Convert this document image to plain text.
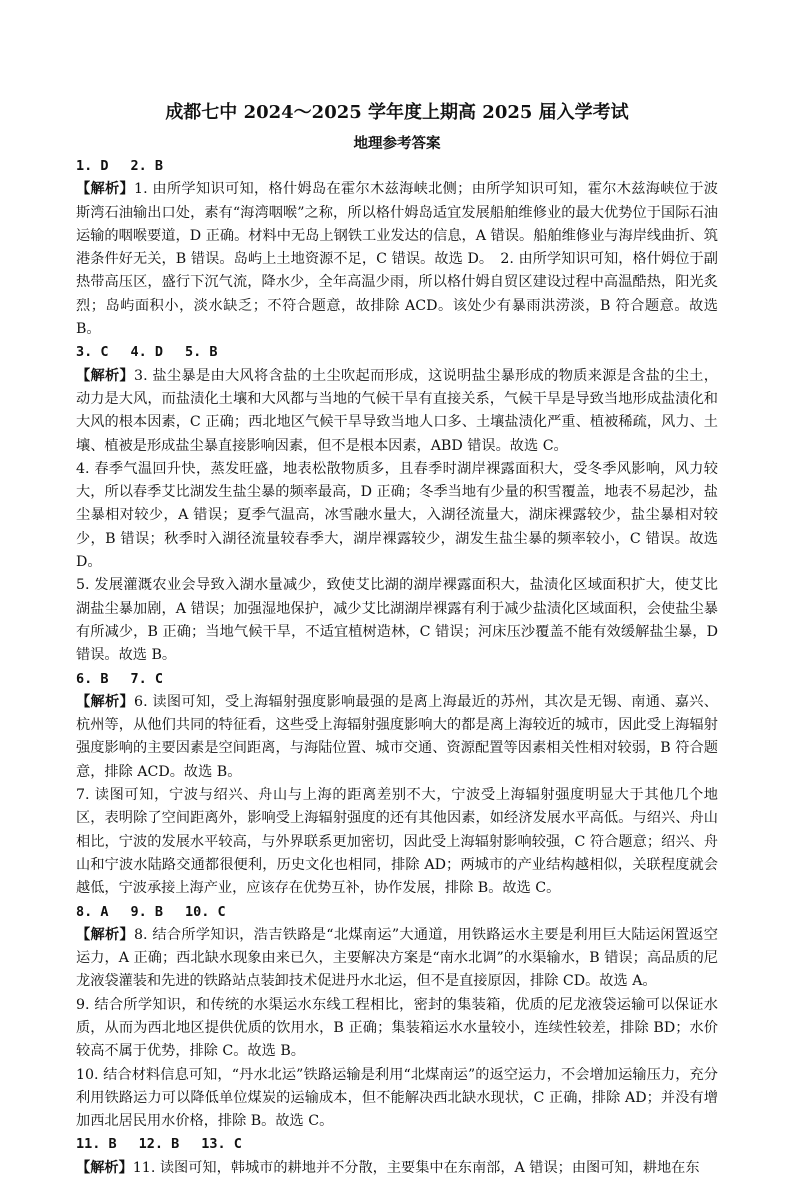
成都七中 2024～2025 学年度上期高 2025 届入学考试
地理参考答案
1. D 2. B

【解析】1. 由所学知识可知，格什姆岛在霍尔木兹海峡北侧；由所学知识可知，霍尔木兹海峡位于波斯湾石油输出口处，素有“海湾咽喉”之称，所以格什姆岛适宜发展船舶维修业的最大优势位于国际石油运输的咽喉要道，D 正确。材料中无岛上钢铁工业发达的信息，A 错误。船舶维修业与海岸线曲折、筑港条件好无关，B 错误。岛屿上土地资源不足，C 错误。故选 D。　2. 由所学知识可知，格什姆位于副热带高压区，盛行下沉气流，降水少，全年高温少雨，所以格什姆自贸区建设过程中高温酷热，阳光炙烈；岛屿面积小，淡水缺乏；不符合题意，故排除 ACD。该处少有暴雨洪涝淡，B 符合题意。故选 B。

3. C 4. D 5. B

【解析】3. 盐尘暴是由大风将含盐的土尘吹起而形成，这说明盐尘暴形成的物质来源是含盐的尘土，动力是大风，而盐渍化土壤和大风都与当地的气候干旱有直接关系，气候干旱是导致当地形成盐渍化和大风的根本因素，C 正确；西北地区气候干旱导致当地人口多、土壤盐渍化严重、植被稀疏，风力、土壤、植被是形成盐尘暴直接影响因素，但不是根本因素，ABD 错误。故选 C。

4. 春季气温回升快，蒸发旺盛，地表松散物质多，且春季时湖岸裸露面积大，受冬季风影响，风力较大，所以春季艾比湖发生盐尘暴的频率最高，D 正确；冬季当地有少量的积雪覆盖，地表不易起沙，盐尘暴相对较少，A 错误；夏季气温高，冰雪融水量大，入湖径流量大，湖床裸露较少，盐尘暴相对较少，B 错误；秋季时入湖径流量较春季大，湖岸裸露较少，湖发生盐尘暴的频率较小，C 错误。故选 D。

5. 发展灌溉农业会导致入湖水量减少，致使艾比湖的湖岸裸露面积大，盐渍化区域面积扩大，使艾比湖盐尘暴加剧，A 错误；加强湿地保护，减少艾比湖湖岸裸露有利于减少盐渍化区域面积，会使盐尘暴有所减少，B 正确；当地气候干旱，不适宜植树造林，C 错误；河床压沙覆盖不能有效缓解盐尘暴，D 错误。故选 B。

6. B 7. C

【解析】6. 读图可知，受上海辐射强度影响最强的是离上海最近的苏州，其次是无锡、南通、嘉兴、杭州等，从他们共同的特征看，这些受上海辐射强度影响大的都是离上海较近的城市，因此受上海辐射强度影响的主要因素是空间距离，与海陆位置、城市交通、资源配置等因素相关性相对较弱，B 符合题意，排除 ACD。故选 B。

7. 读图可知，宁波与绍兴、舟山与上海的距离差别不大，宁波受上海辐射强度明显大于其他几个地区，表明除了空间距离外，影响受上海辐射强度的还有其他因素，如经济发展水平高低。与绍兴、舟山相比，宁波的发展水平较高，与外界联系更加密切，因此受上海辐射影响较强，C 符合题意；绍兴、舟山和宁波水陆路交通都很便利，历史文化也相同，排除 AD；两城市的产业结构越相似，关联程度就会越低，宁波承接上海产业，应该存在优势互补，协作发展，排除 B。故选 C。

8. A 9. B 10. C

【解析】8. 结合所学知识，浩吉铁路是“北煤南运”大通道，用铁路运水主要是利用巨大陆运闲置返空运力，A 正确；西北缺水现象由来已久，主要解决方案是“南水北调”的水渠输水，B 错误；高品质的尼龙液袋灌装和先进的铁路站点装卸技术促进丹水北运，但不是直接原因，排除 CD。故选 A。

9. 结合所学知识，和传统的水渠运水东线工程相比，密封的集装箱，优质的尼龙液袋运输可以保证水质，从而为西北地区提供优质的饮用水，B 正确；集装箱运水水量较小，连续性较差，排除 BD；水价较高不属于优势，排除 C。故选 B。

10. 结合材料信息可知，“丹水北运”铁路运输是利用“北煤南运”的返空运力，不会增加运输压力，充分利用铁路运力可以降低单位煤炭的运输成本，但不能解决西北缺水现状，C 正确，排除 AD；并没有增加西北居民用水价格，排除 B。故选 C。

11. B 12. B 13. C

【解析】11. 读图可知，韩城市的耕地并不分散，主要集中在东南部，A 错误；由图可知，耕地在东
